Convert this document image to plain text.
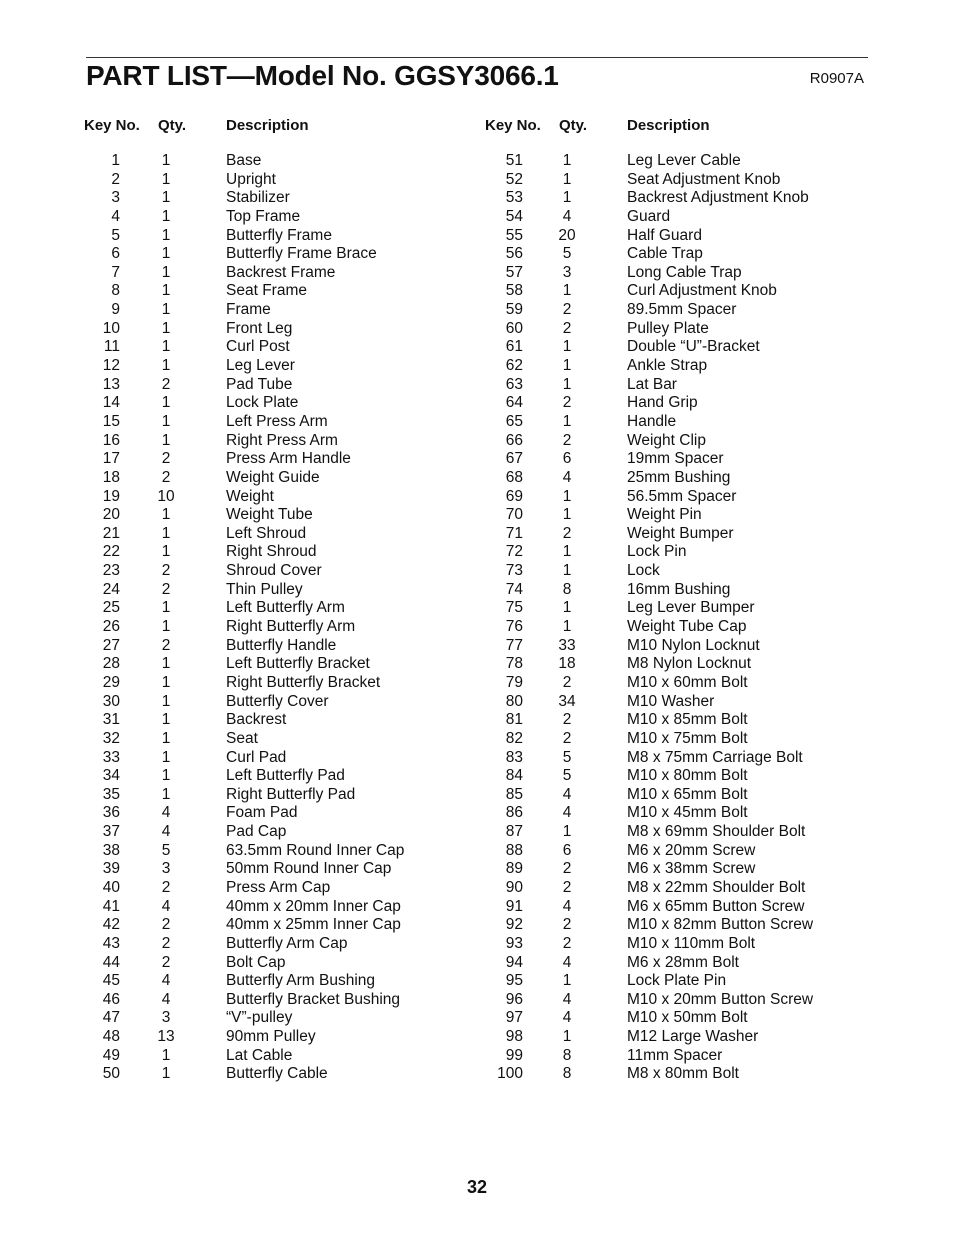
PART LIST—Model No. GGSY3066.1	R0907A
Key No. Qty.	Description
1	1	Base
2	1	Upright
3	1	Stabilizer
4	1	Top Frame
5	1	Butterfly Frame
6	1	Butterfly Frame Brace
7	1	Backrest Frame
8	1	Seat Frame
9	1	Frame
10	1	Front Leg
11	1	Curl Post
12	1	Leg Lever
13	2	Pad Tube
14	1	Lock Plate
15	1	Left Press Arm
16	1	Right Press Arm
17	2	Press Arm Handle
18	2	Weight Guide
19 10	Weight
20	1	Weight Tube
21	1	Left Shroud
22	1	Right Shroud
23	2	Shroud Cover
24	2	Thin Pulley
25	1	Left Butterfly Arm
26	1	Right Butterfly Arm
27	2	Butterfly Handle
28	1	Left Butterfly Bracket
29	1	Right Butterfly Bracket
30	1	Butterfly Cover
31	1	Backrest
32	1	Seat
33	1	Curl Pad
34	1	Left Butterfly Pad
35	1	Right Butterfly Pad
36	4	Foam Pad
37	4	Pad Cap
38	5	63.5mm Round Inner Cap
39	3	50mm Round Inner Cap
40	2	Press Arm Cap
41	4	40mm x 20mm Inner Cap
42	2	40mm x 25mm Inner Cap
43	2	Butterfly Arm Cap
44	2	Bolt Cap
45	4	Butterfly Arm Bushing
46	4	Butterfly Bracket Bushing
47	3	“V”-pulley
48 13	90mm Pulley
49	1	Lat Cable
50	1	Butterfly Cable
Key No. Qty.	Description
51	1	Leg Lever Cable
52	1	Seat Adjustment Knob
53	1	Backrest Adjustment Knob
54	4	Guard
55 20	Half Guard
56	5	Cable Trap
57	3	Long Cable Trap
58	1	Curl Adjustment Knob
59	2	89.5mm Spacer
60	2	Pulley Plate
61	1	Double “U”-Bracket
62	1	Ankle Strap
63	1	Lat Bar
64	2	Hand Grip
65	1	Handle
66	2	Weight Clip
67	6	19mm Spacer
68	4	25mm Bushing
69	1	56.5mm Spacer
70	1	Weight Pin
71	2	Weight Bumper
72	1	Lock Pin
73	1	Lock
74	8	16mm Bushing
75	1	Leg Lever Bumper
76	1	Weight Tube Cap
77 33	M10 Nylon Locknut
78 18	M8 Nylon Locknut
79	2	M10 x 60mm Bolt
80 34	M10 Washer
81	2	M10 x 85mm Bolt
82	2	M10 x 75mm Bolt
83	5	M8 x 75mm Carriage Bolt
84	5	M10 x 80mm Bolt
85	4	M10 x 65mm Bolt
86	4	M10 x 45mm Bolt
87	1	M8 x 69mm Shoulder Bolt
88	6	M6 x 20mm Screw
89	2	M6 x 38mm Screw
90	2	M8 x 22mm Shoulder Bolt
91	4	M6 x 65mm Button Screw
92	2	M10 x 82mm Button Screw
93	2	M10 x 110mm Bolt
94	4	M6 x 28mm Bolt
95	1	Lock Plate Pin
96	4	M10 x 20mm Button Screw
97	4	M10 x 50mm Bolt
98	1	M12 Large Washer
99	8	11mm Spacer
100	8	M8 x 80mm Bolt
32
